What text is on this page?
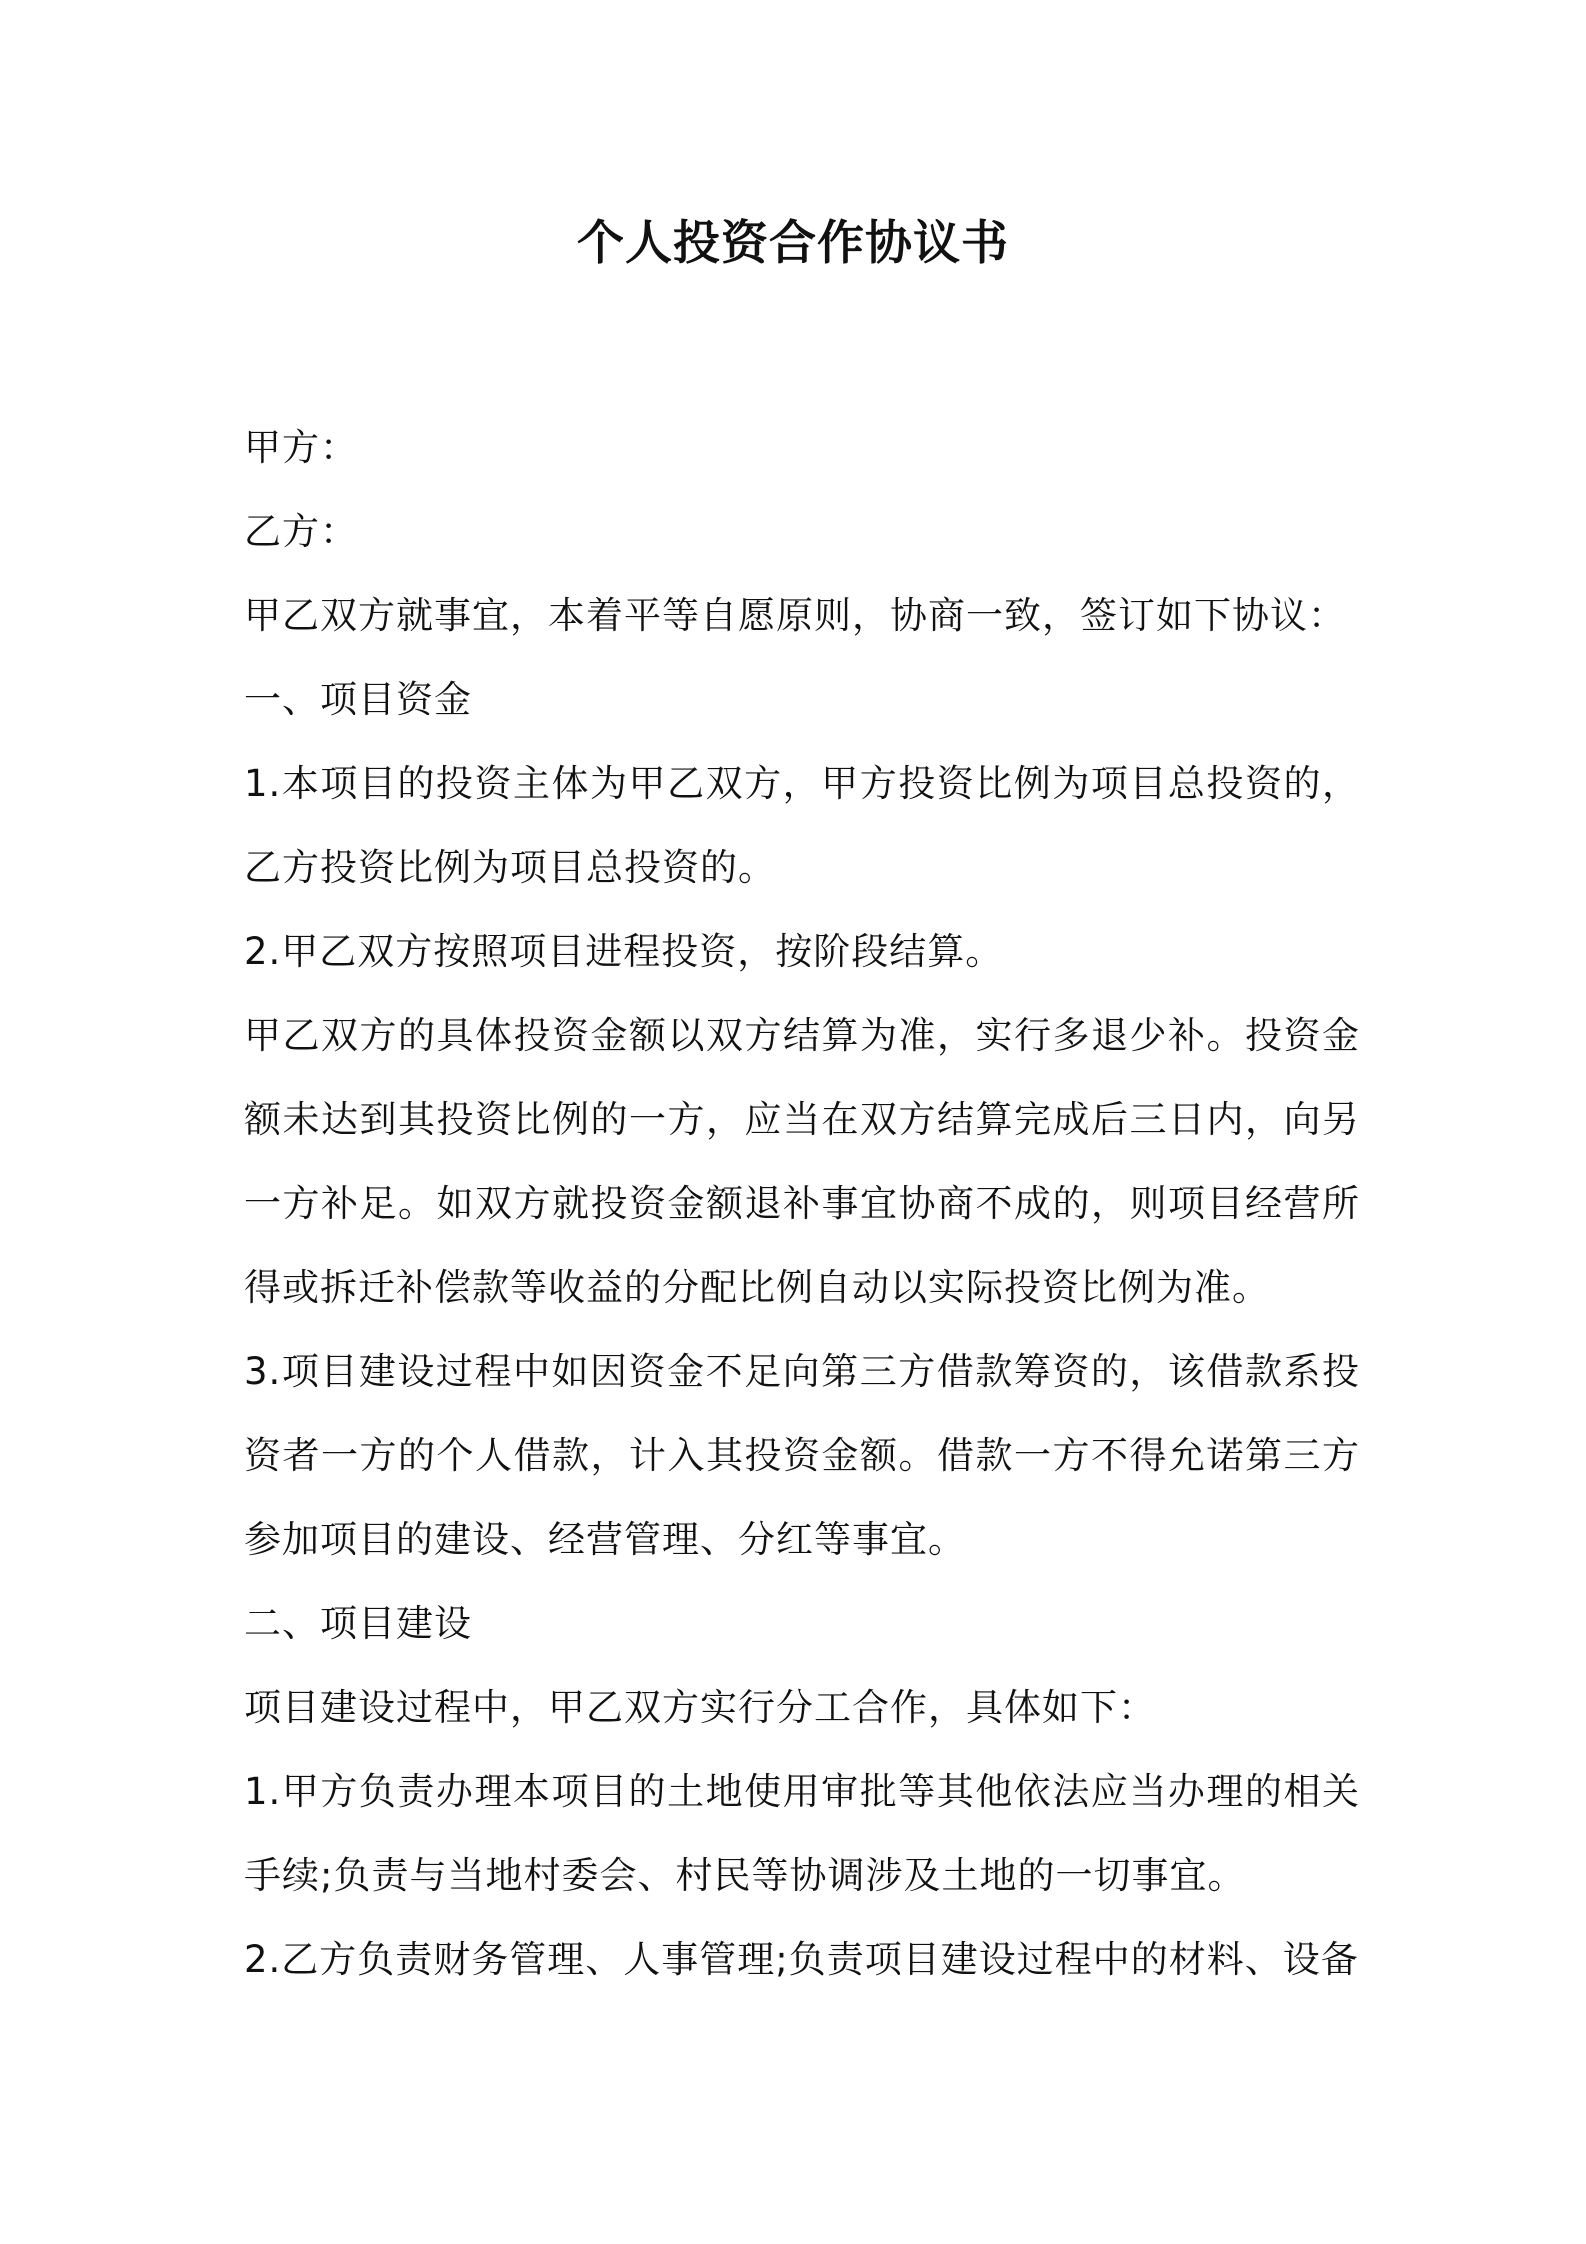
个人投资合作协议书

甲方：

乙方：

甲乙双方就事宜，本着平等自愿原则，协商一致，签订如下协议：

一、项目资金

1.本项目的投资主体为甲乙双方，甲方投资比例为项目总投资的，乙方投资比例为项目总投资的。

2.甲乙双方按照项目进程投资，按阶段结算。

甲乙双方的具体投资金额以双方结算为准，实行多退少补。投资金额未达到其投资比例的一方，应当在双方结算完成后三日内，向另一方补足。如双方就投资金额退补事宜协商不成的，则项目经营所得或拆迁补偿款等收益的分配比例自动以实际投资比例为准。

3.项目建设过程中如因资金不足向第三方借款筹资的，该借款系投资者一方的个人借款，计入其投资金额。借款一方不得允诺第三方参加项目的建设、经营管理、分红等事宜。

二、项目建设

项目建设过程中，甲乙双方实行分工合作，具体如下：

1.甲方负责办理本项目的土地使用审批等其他依法应当办理的相关手续;负责与当地村委会、村民等协调涉及土地的一切事宜。

2.乙方负责财务管理、人事管理;负责项目建设过程中的材料、设备
